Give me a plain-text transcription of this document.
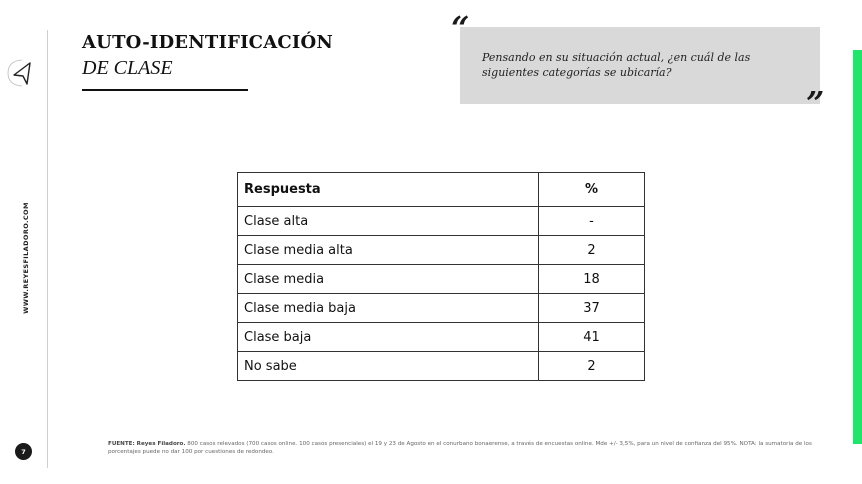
WWW.REYESFILADORO.COM
7
AUTO-IDENTIFICACIÓN
DE CLASE
“
Pensando en su situación actual, ¿en cuál de las siguientes categorías se ubicaría?
”
Respuesta	%
Clase alta	-
Clase media alta	2
Clase media	18
Clase media baja	37
Clase baja	41
No sabe	2
FUENTE: Reyes Filadoro. 800 casos relevados (700 casos online. 100 casos presenciales) el 19 y 23 de Agosto en el conurbano bonaerense, a través de encuestas online. Mde +/- 3,5%, para un nivel de confianza del 95%. NOTA: la sumatoria de los porcentajes puede no dar 100 por cuestiones de redondeo.
